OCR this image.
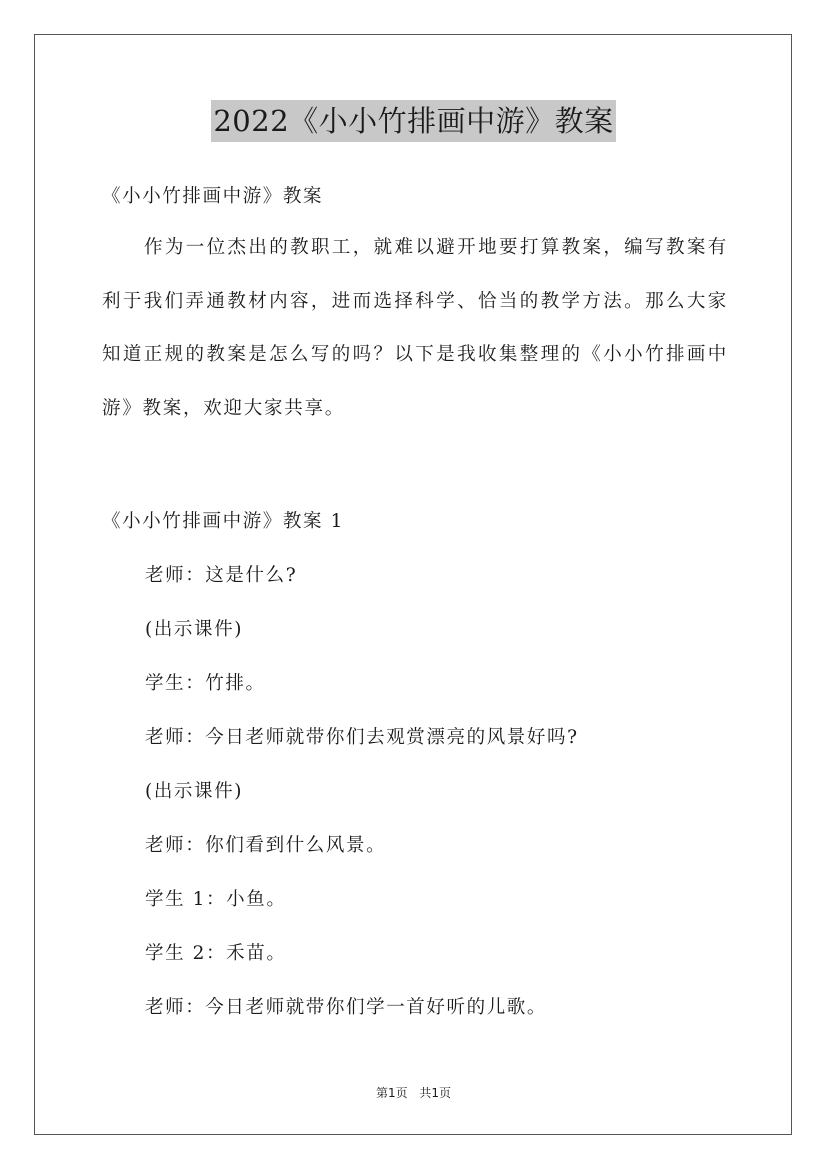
2022《小小竹排画中游》教案
《小小竹排画中游》教案
作为一位杰出的教职工，就难以避开地要打算教案，编写教案有利于我们弄通教材内容，进而选择科学、恰当的教学方法。那么大家知道正规的教案是怎么写的吗？以下是我收集整理的《小小竹排画中游》教案，欢迎大家共享。
《小小竹排画中游》教案 1
老师：这是什么?
(出示课件)
学生：竹排。
老师：今日老师就带你们去观赏漂亮的风景好吗?
(出示课件)
老师：你们看到什么风景。
学生 1：小鱼。
学生 2：禾苗。
老师：今日老师就带你们学一首好听的儿歌。
第1页 共1页
